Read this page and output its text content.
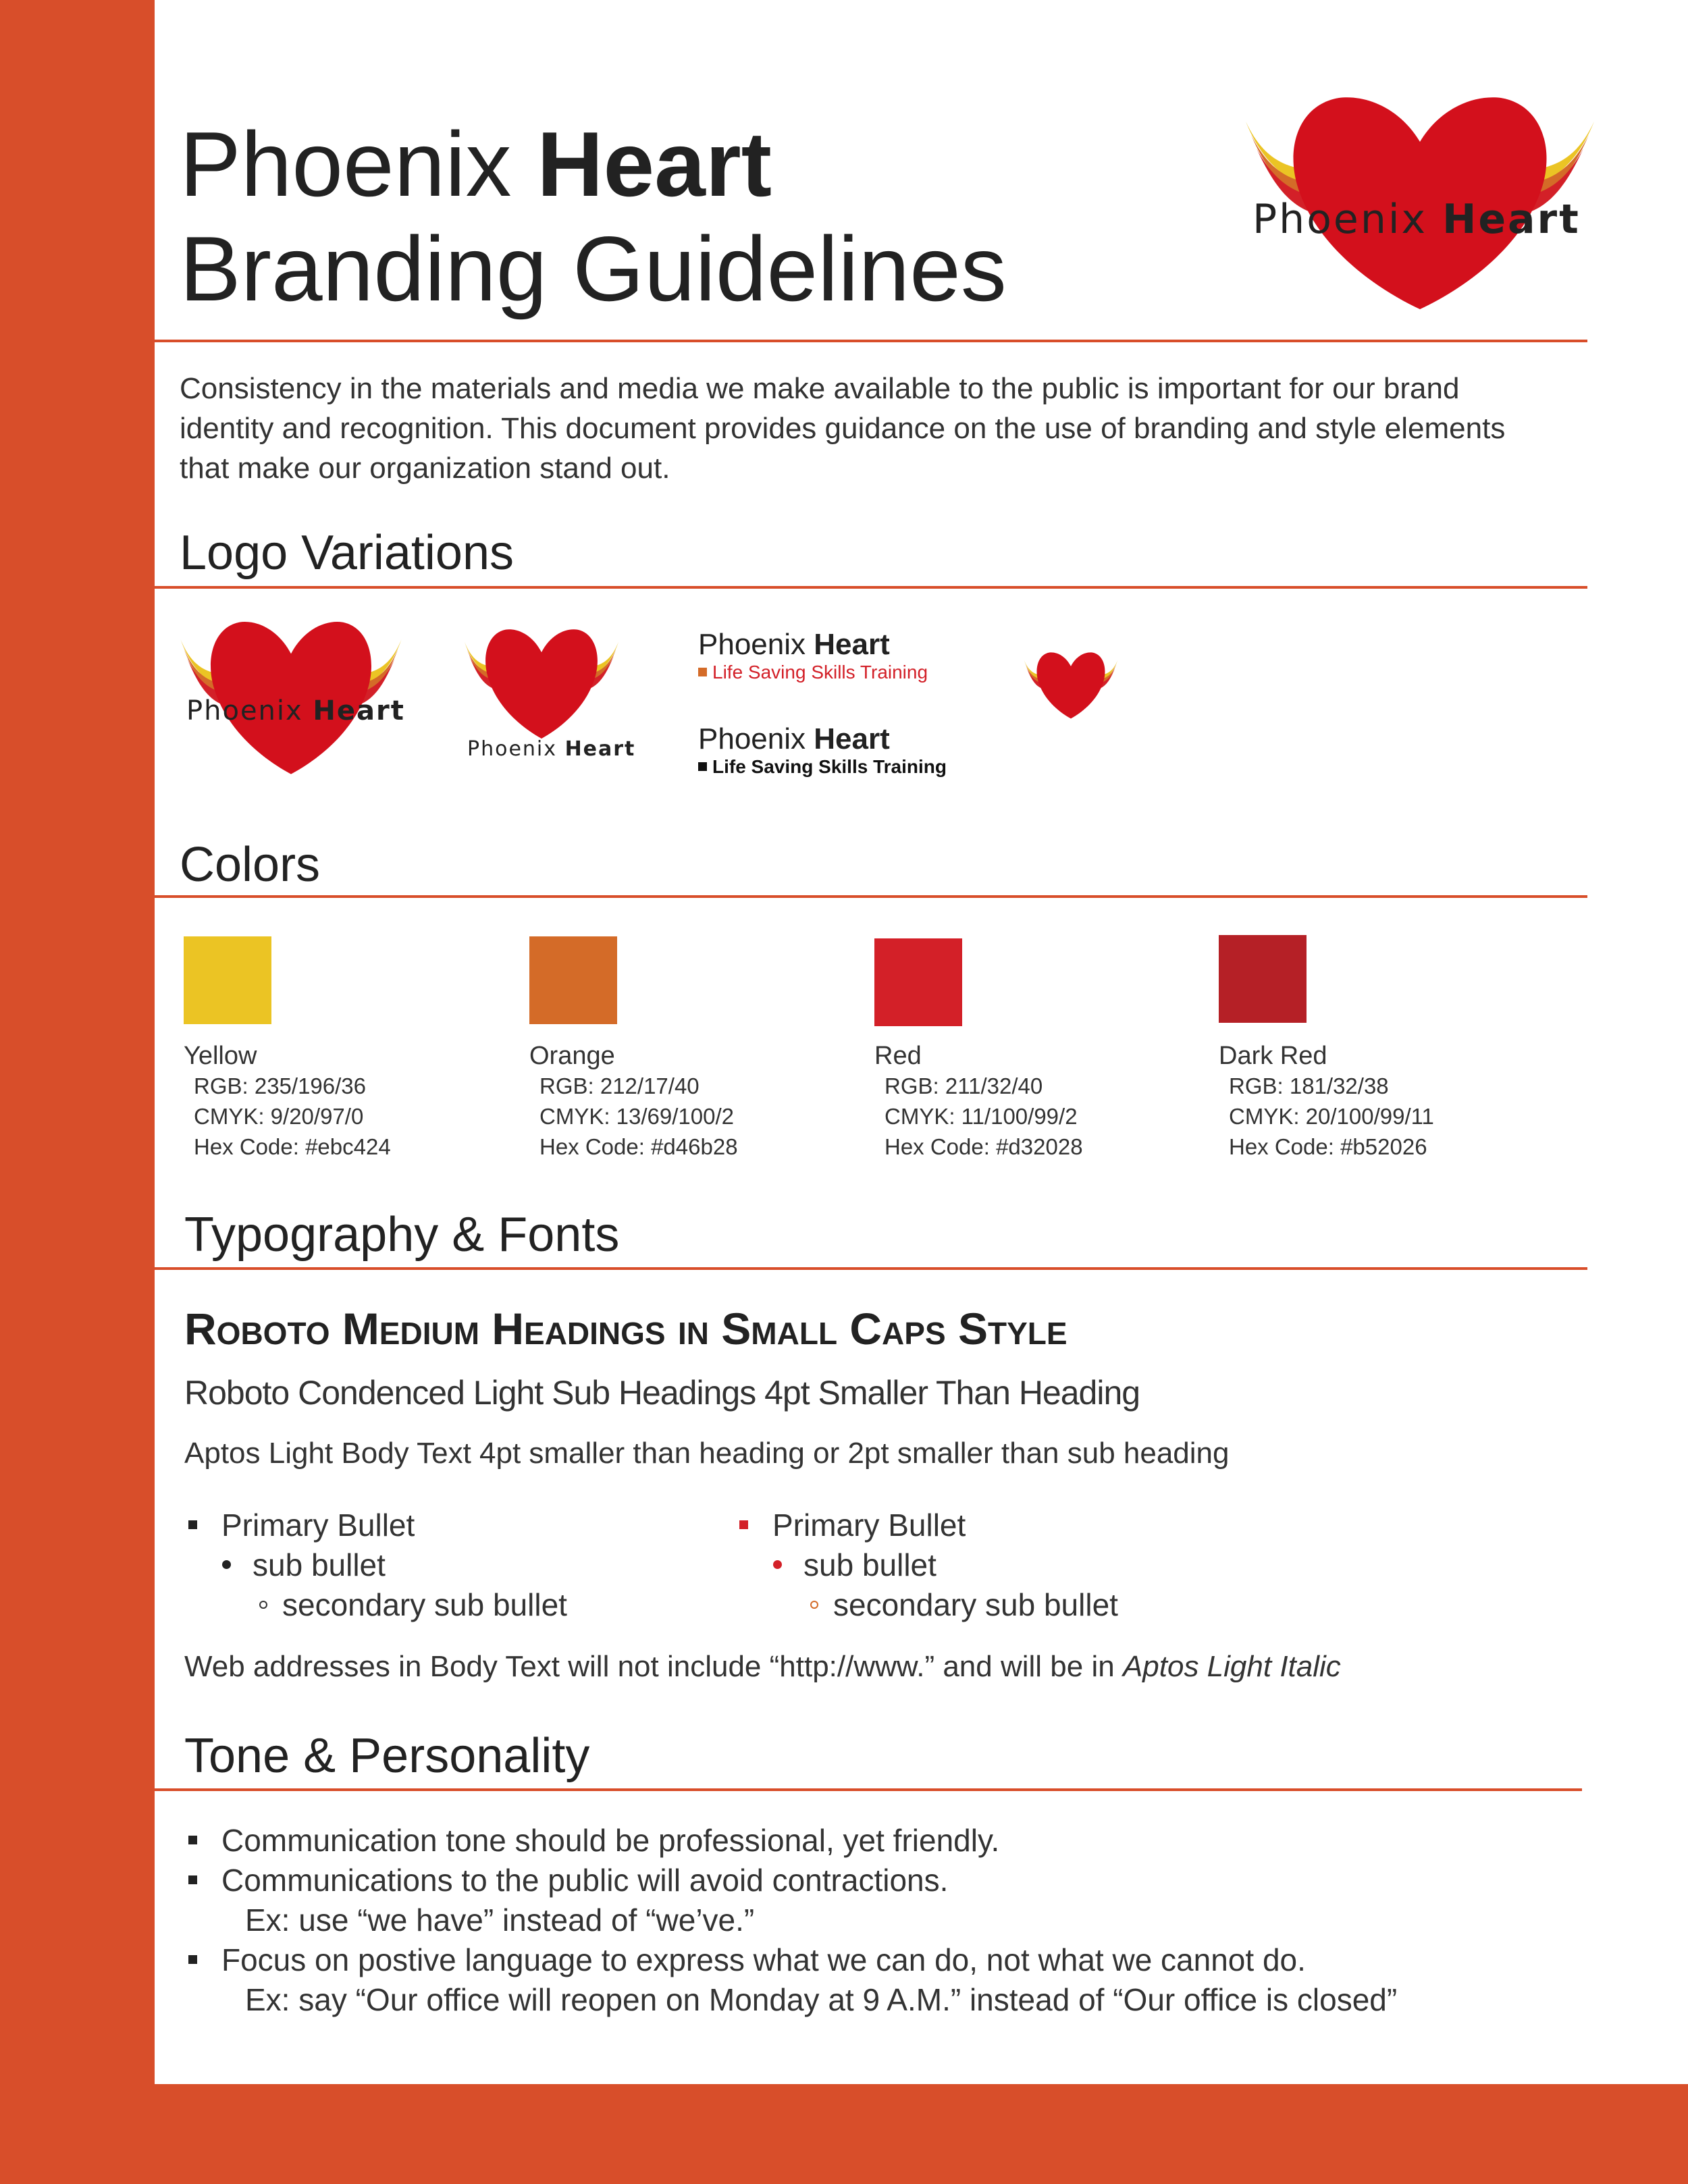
Phoenix Heart
Branding Guidelines	Phoenix Heart
Consistency in the materials and media we make available to the public is important for our brand
identity and recognition. This document provides guidance on the use of branding and style elements
that make our organization stand out.
Logo Variations
Phoenix Heart
Phoenix Heart
Phoenix Heart
Life Saving Skills Training
Phoenix Heart
Life Saving Skills Training
Colors
Yellow
RGB: 235/196/36
CMYK: 9/20/97/0
Hex Code: #ebc424
Orange
RGB: 212/17/40
CMYK: 13/69/100/2
Hex Code: #d46b28
Red
RGB: 211/32/40
CMYK: 11/100/99/2
Hex Code: #d32028
Dark Red
RGB: 181/32/38
CMYK: 20/100/99/11
Hex Code: #b52026
Typography & Fonts
Roboto Medium Headings in Small Caps Style
Roboto Condenced Light Sub Headings 4pt Smaller Than Heading
Aptos Light Body Text 4pt smaller than heading or 2pt smaller than sub heading
Primary Bullet
sub bullet
secondary sub bullet
Primary Bullet
sub bullet
secondary sub bullet
Web addresses in Body Text will not include “http://www.” and will be in Aptos Light Italic
Tone & Personality
Communication tone should be professional, yet friendly.
Communications to the public will avoid contractions.
Ex: use “we have” instead of “we’ve.”
Focus on postive language to express what we can do, not what we cannot do.
Ex: say “Our office will reopen on Monday at 9 A.M.” instead of “Our office is closed”
